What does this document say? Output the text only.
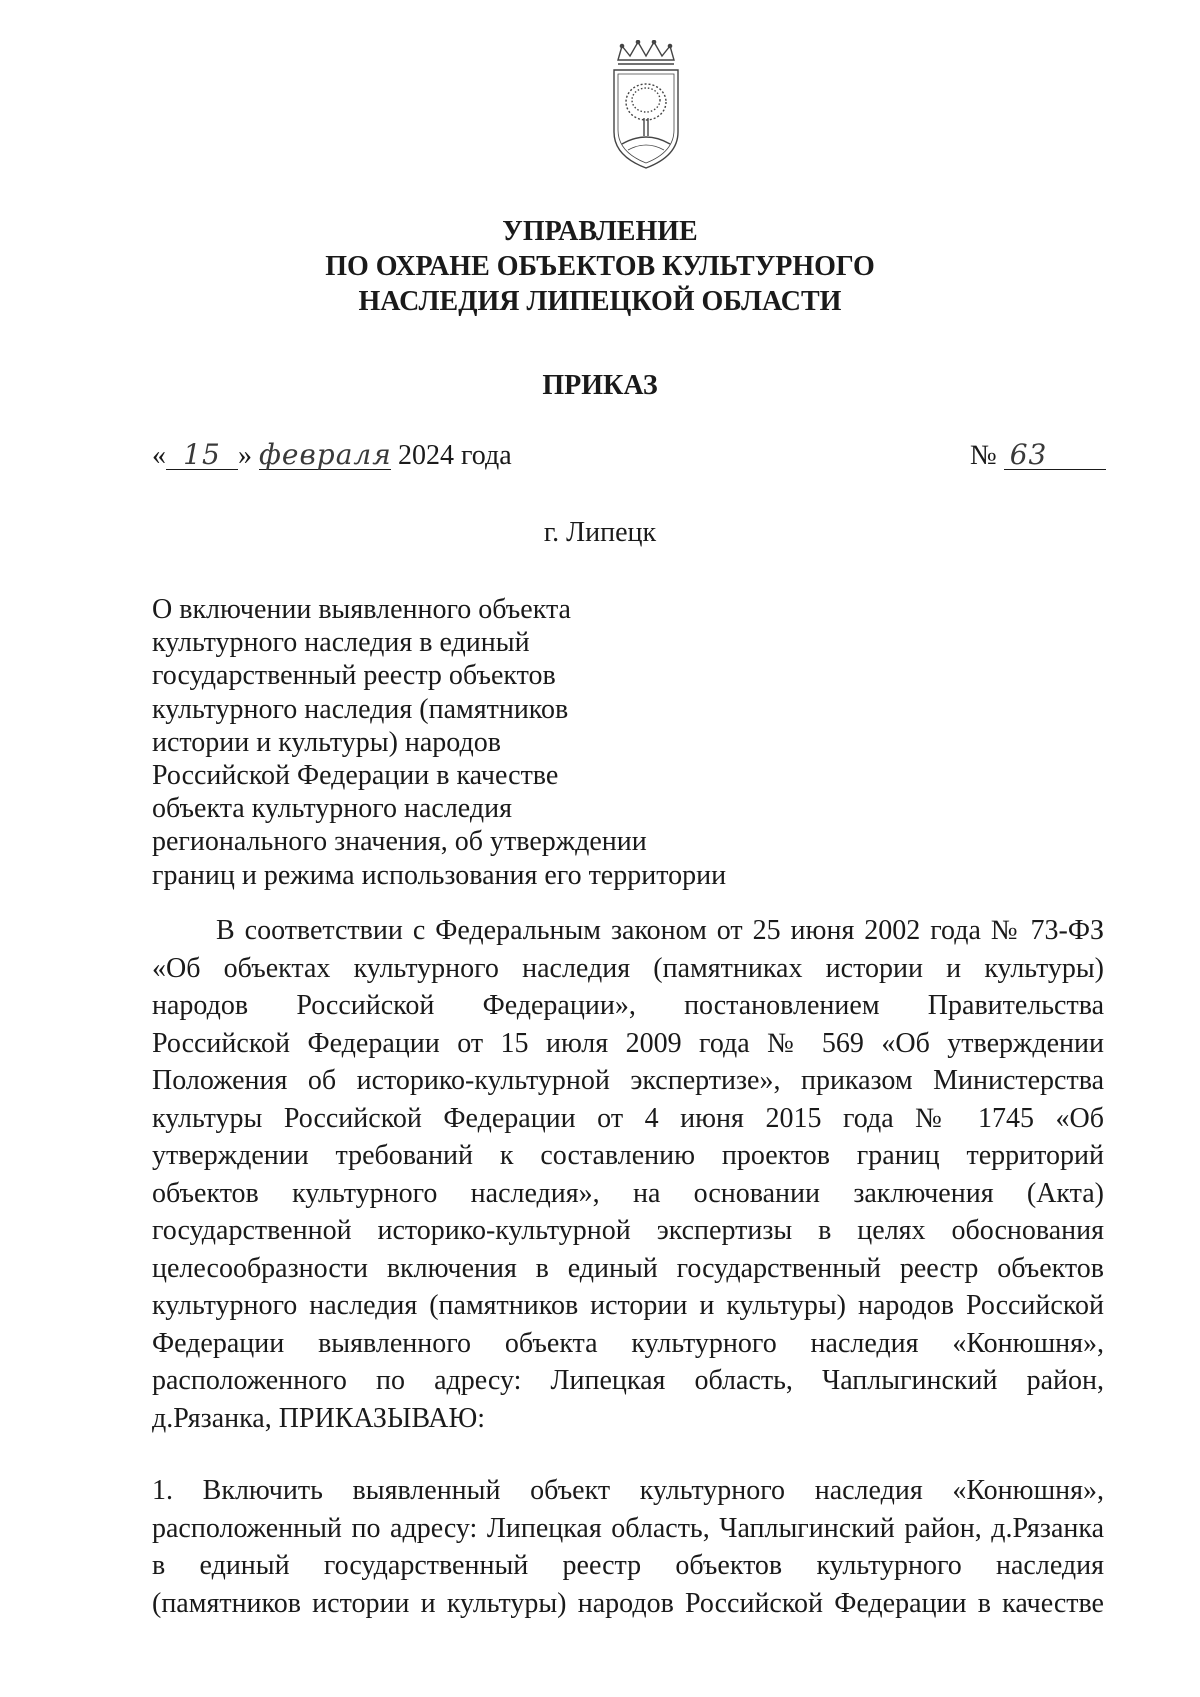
УПРАВЛЕНИЕ
ПО ОХРАНЕ ОБЪЕКТОВ КУЛЬТУРНОГО
НАСЛЕДИЯ ЛИПЕЦКОЙ ОБЛАСТИ
ПРИКАЗ
« 15 » февраля 2024 года	№ 63
г. Липецк
О включении выявленного объекта
культурного наследия в единый
государственный реестр объектов
культурного наследия (памятников
истории и культуры) народов
Российской Федерации в качестве
объекта культурного наследия
регионального значения, об утверждении
границ и режима использования его территории
В соответствии с Федеральным законом от 25 июня 2002 года № 73-ФЗ
«Об объектах культурного наследия (памятниках истории и культуры)
народов Российской Федерации», постановлением Правительства
Российской Федерации от 15 июля 2009 года № 569 «Об утверждении
Положения об историко-культурной экспертизе», приказом Министерства
культуры Российской Федерации от 4 июня 2015 года № 1745 «Об
утверждении требований к составлению проектов границ территорий
объектов культурного наследия», на основании заключения (Акта)
государственной историко-культурной экспертизы в целях обоснования
целесообразности включения в единый государственный реестр объектов
культурного наследия (памятников истории и культуры) народов Российской
Федерации выявленного объекта культурного наследия «Конюшня»,
расположенного по адресу: Липецкая область, Чаплыгинский район,
д.Рязанка, ПРИКАЗЫВАЮ:
1. Включить выявленный объект культурного наследия «Конюшня»,
расположенный по адресу: Липецкая область, Чаплыгинский район, д.Рязанка
в единый государственный реестр объектов культурного наследия
(памятников истории и культуры) народов Российской Федерации в качестве
